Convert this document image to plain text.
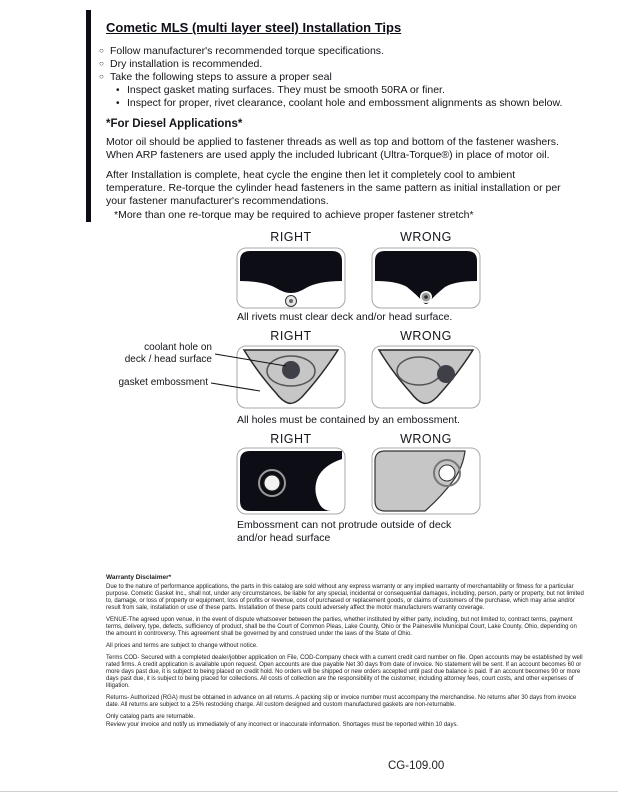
Cometic MLS (multi layer steel) Installation Tips
○
Follow manufacturer's recommended torque specifications.
○
Dry installation is recommended.
○
Take the following steps to assure a proper seal
•
Inspect gasket mating surfaces. They must be smooth 50RA or finer.
•
Inspect for proper, rivet clearance, coolant hole and embossment alignments as shown below.
*For Diesel Applications*
Motor oil should be applied to fastener threads as well as top and bottom of the fastener washers. When ARP fasteners are used apply the included lubricant (Ultra-Torque®) in place of motor oil.
After Installation is complete, heat cycle the engine then let it completely cool to ambient temperature. Re-torque the cylinder head fasteners in the same pattern as initial installation or per your fastener manufacturer's recommendations.
*More than one re-torque may be required to achieve proper fastener stretch*
RIGHT	WRONG
All rivets must clear deck and/or head surface.
RIGHT	WRONG
coolant hole on
deck / head surface
gasket embossment
All holes must be contained by an embossment.
RIGHT	WRONG
Embossment can not protrude outside of deck
and/or head surface
Warranty Disclaimer*

Due to the nature of performance applications, the parts in this catalog are sold without any express warranty or any implied warranty of merchantability or fitness for a particular purpose. Cometic Gasket Inc., shall not, under any circumstances, be liable for any special, incidental or consequential damages, including, person, party or property, but not limited to, damage, or loss of property or equipment, loss of profits or revenue, cost of purchased or replacement goods, or claims of customers of the purchase, which may arise and/or result from sale, installation or use of these parts. Installation of these parts could adversely affect the motor manufacturers warranty coverage.

VENUE-The agreed upon venue, in the event of dispute whatsoever between the parties, whether instituted by either party, including, but not limited to, contract terms, payment terms, delivery, type, defects, sufficiency of product, shall be the Court of Common Pleas, Lake County, Ohio or the Painesville Municipal Court, Lake County, Ohio, depending on the amount in controversy. This agreement shall be governed by and construed under the laws of the State of Ohio.

All prices and terms are subject to change without notice.

Terms COD- Secured with a completed dealer/jobber application on File, COD-Company check with a current credit card number on file. Open accounts may be established by well rated firms. A credit application is available upon request. Open accounts are due payable Net 30 days from date of invoice. No statement will be sent. If an account becomes 60 or more days past due, it is subject to being placed on credit hold. No orders will be shipped or new orders accepted until past due balance is paid. If an account becomes 90 or more days past due, it is subject to being placed for collections. All costs of collection are the responsibility of the customer, including attorney fees, court costs, and other expenses of litigation.

Returns- Authorized (RGA) must be obtained in advance on all returns. A packing slip or invoice number must accompany the merchandise. No returns after 30 days from invoice date. All returns are subject to a 25% restocking charge. All custom designed and custom manufactured gaskets are non-returnable.

Only catalog parts are returnable.

Review your invoice and notify us immediately of any incorrect or inaccurate information. Shortages must be reported within 10 days.

CG-109.00
